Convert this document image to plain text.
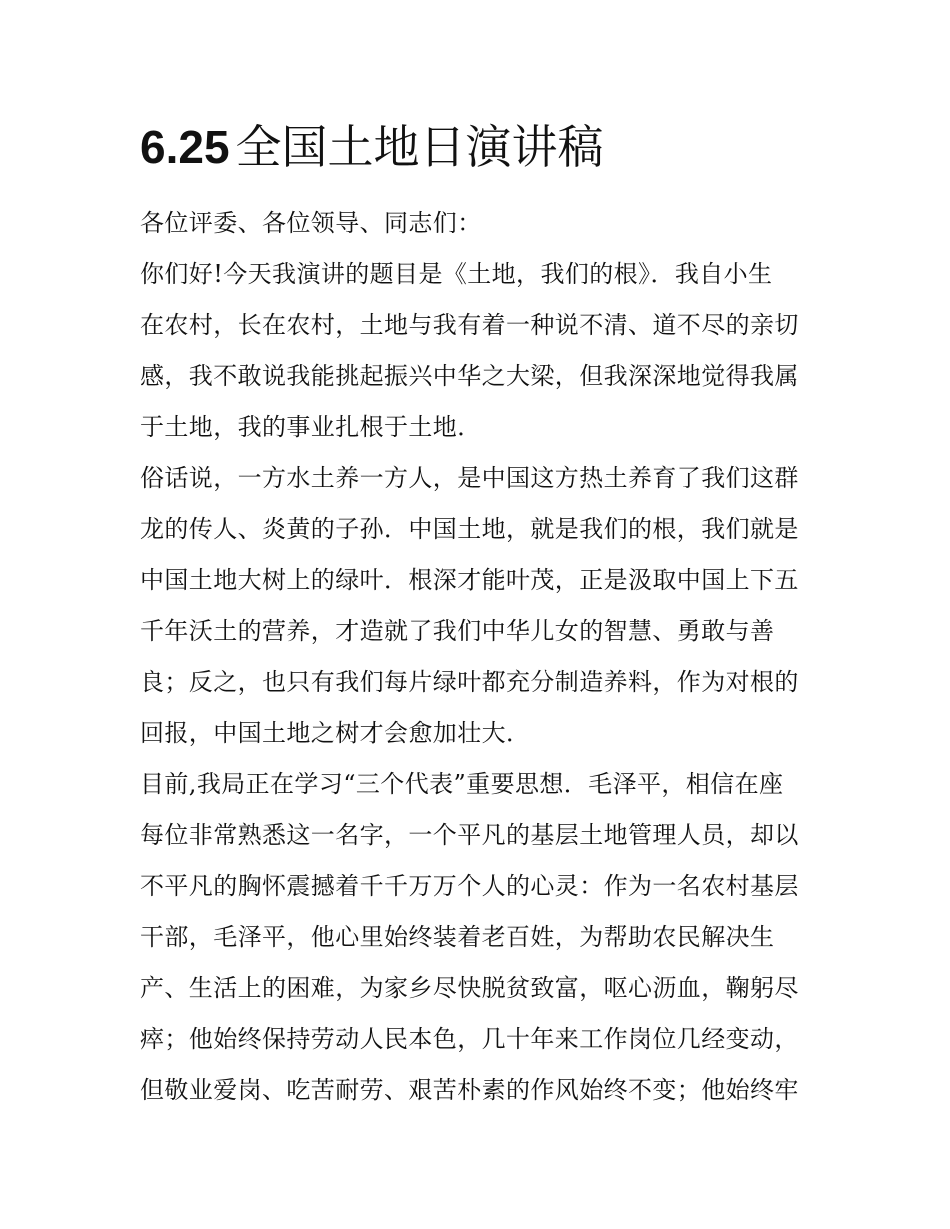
6.25 全国土地日演讲稿
各位评委、各位领导、同志们：
你们好!今天我演讲的题目是《土地，我们的根》．我自小生
在农村，长在农村，土地与我有着一种说不清、道不尽的亲切
感，我不敢说我能挑起振兴中华之大梁，但我深深地觉得我属
于土地，我的事业扎根于土地．
俗话说，一方水土养一方人，是中国这方热土养育了我们这群
龙的传人、炎黄的子孙．中国土地，就是我们的根，我们就是
中国土地大树上的绿叶．根深才能叶茂，正是汲取中国上下五
千年沃土的营养，才造就了我们中华儿女的智慧、勇敢与善
良；反之，也只有我们每片绿叶都充分制造养料，作为对根的
回报，中国土地之树才会愈加壮大．
目前,我局正在学习“三个代表”重要思想．毛泽平，相信在座
每位非常熟悉这一名字，一个平凡的基层土地管理人员，却以
不平凡的胸怀震撼着千千万万个人的心灵：作为一名农村基层
干部，毛泽平，他心里始终装着老百姓，为帮助农民解决生
产、生活上的困难，为家乡尽快脱贫致富，呕心沥血，鞠躬尽
瘁；他始终保持劳动人民本色，几十年来工作岗位几经变动，
但敬业爱岗、吃苦耐劳、艰苦朴素的作风始终不变；他始终牢
